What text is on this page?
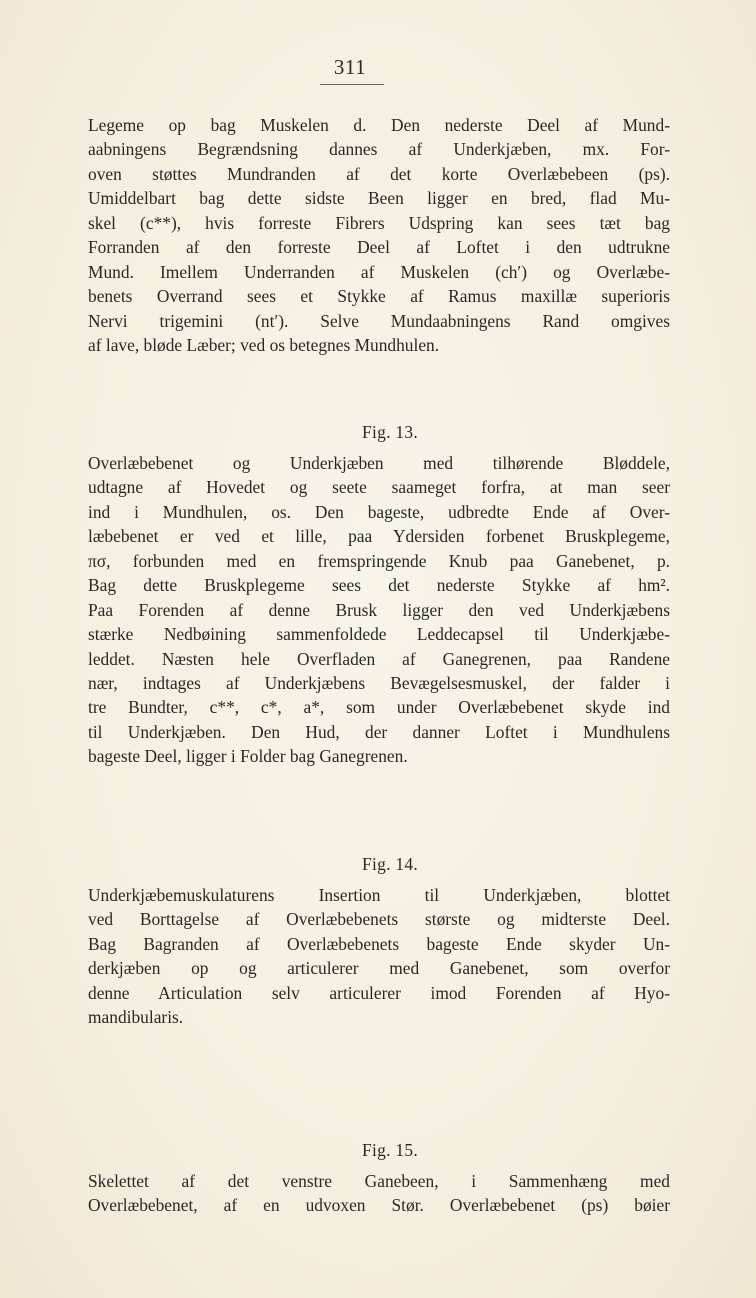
311
Legeme op bag Muskelen d. Den nederste Deel af Mund-
aabningens Begrændsning dannes af Underkjæben, mx. For-
oven støttes Mundranden af det korte Overlæbebeen (ps).
Umiddelbart bag dette sidste Been ligger en bred, flad Mu-
skel (c**), hvis forreste Fibrers Udspring kan sees tæt bag
Forranden af den forreste Deel af Loftet i den udtrukne
Mund. Imellem Underranden af Muskelen (ch′) og Overlæbe-
benets Overrand sees et Stykke af Ramus maxillæ superioris
Nervi trigemini (nt′). Selve Mundaabningens Rand omgives
af lave, bløde Læber; ved os betegnes Mundhulen.
Fig. 13.
Overlæbebenet og Underkjæben med tilhørende Bløddele,
udtagne af Hovedet og seete saameget forfra, at man seer
ind i Mundhulen, os. Den bageste, udbredte Ende af Over-
læbebenet er ved et lille, paa Ydersiden forbenet Bruskplegeme,
πσ, forbunden med en fremspringende Knub paa Ganebenet, p.
Bag dette Bruskplegeme sees det nederste Stykke af hm².
Paa Forenden af denne Brusk ligger den ved Underkjæbens
stærke Nedbøining sammenfoldede Leddecapsel til Underkjæbe-
leddet. Næsten hele Overfladen af Ganegrenen, paa Randene
nær, indtages af Underkjæbens Bevægelsesmuskel, der falder i
tre Bundter, c**, c*, a*, som under Overlæbebenet skyde ind
til Underkjæben. Den Hud, der danner Loftet i Mundhulens
bageste Deel, ligger i Folder bag Ganegrenen.
Fig. 14.
Underkjæbemuskulaturens Insertion til Underkjæben, blottet
ved Borttagelse af Overlæbebenets største og midterste Deel.
Bag Bagranden af Overlæbebenets bageste Ende skyder Un-
derkjæben op og articulerer med Ganebenet, som overfor
denne Articulation selv articulerer imod Forenden af Hyo-
mandibularis.
Fig. 15.
Skelettet af det venstre Ganebeen, i Sammenhæng med
Overlæbebenet, af en udvoxen Stør. Overlæbebenet (ps) bøier
